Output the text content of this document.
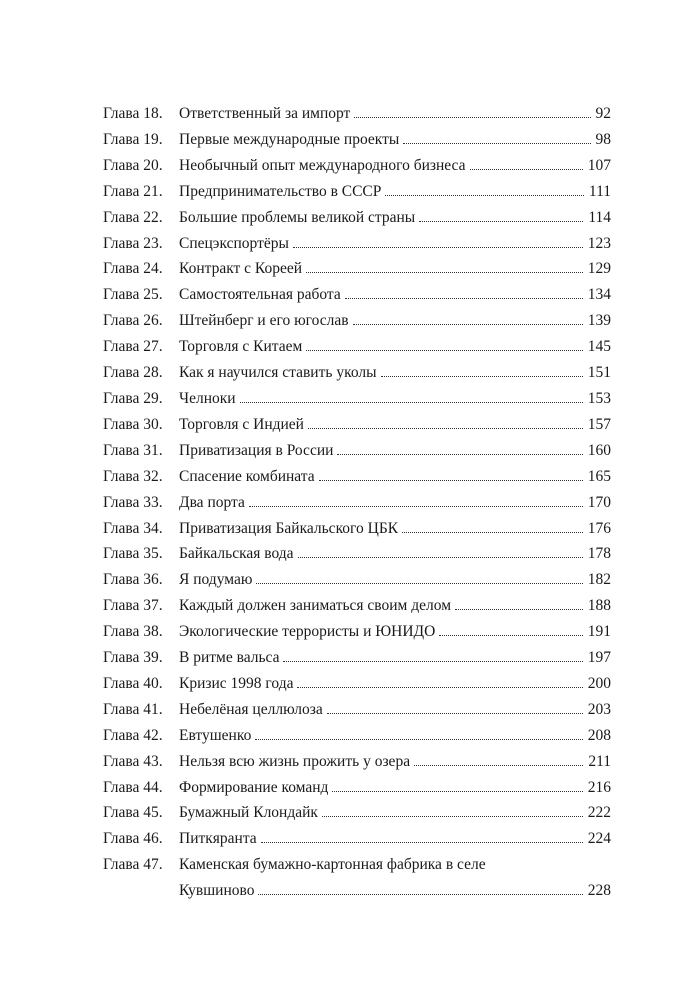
Глава 18.	Ответственный за импорт	92
Глава 19.	Первые международные проекты	98
Глава 20.	Необычный опыт международного бизнеса	107
Глава 21.	Предпринимательство в СССР	111
Глава 22.	Большие проблемы великой страны	114
Глава 23.	Спецэкспортёры	123
Глава 24.	Контракт с Кореей	129
Глава 25.	Самостоятельная работа	134
Глава 26.	Штейнберг и его югослав	139
Глава 27.	Торговля с Китаем	145
Глава 28.	Как я научился ставить уколы	151
Глава 29.	Челноки	153
Глава 30.	Торговля с Индией	157
Глава 31.	Приватизация в России	160
Глава 32.	Спасение комбината	165
Глава 33.	Два порта	170
Глава 34.	Приватизация Байкальского ЦБК	176
Глава 35.	Байкальская вода	178
Глава 36.	Я подумаю	182
Глава 37.	Каждый должен заниматься своим делом	188
Глава 38.	Экологические террористы и ЮНИДО	191
Глава 39.	В ритме вальса	197
Глава 40.	Кризис 1998 года	200
Глава 41.	Небелёная целлюлоза	203
Глава 42.	Евтушенко	208
Глава 43.	Нельзя всю жизнь прожить у озера	211
Глава 44.	Формирование команд	216
Глава 45.	Бумажный Клондайк	222
Глава 46.	Питкяранта	224
Глава 47.	Каменская бумажно-картонная фабрика в селе
Кувшиново	228
